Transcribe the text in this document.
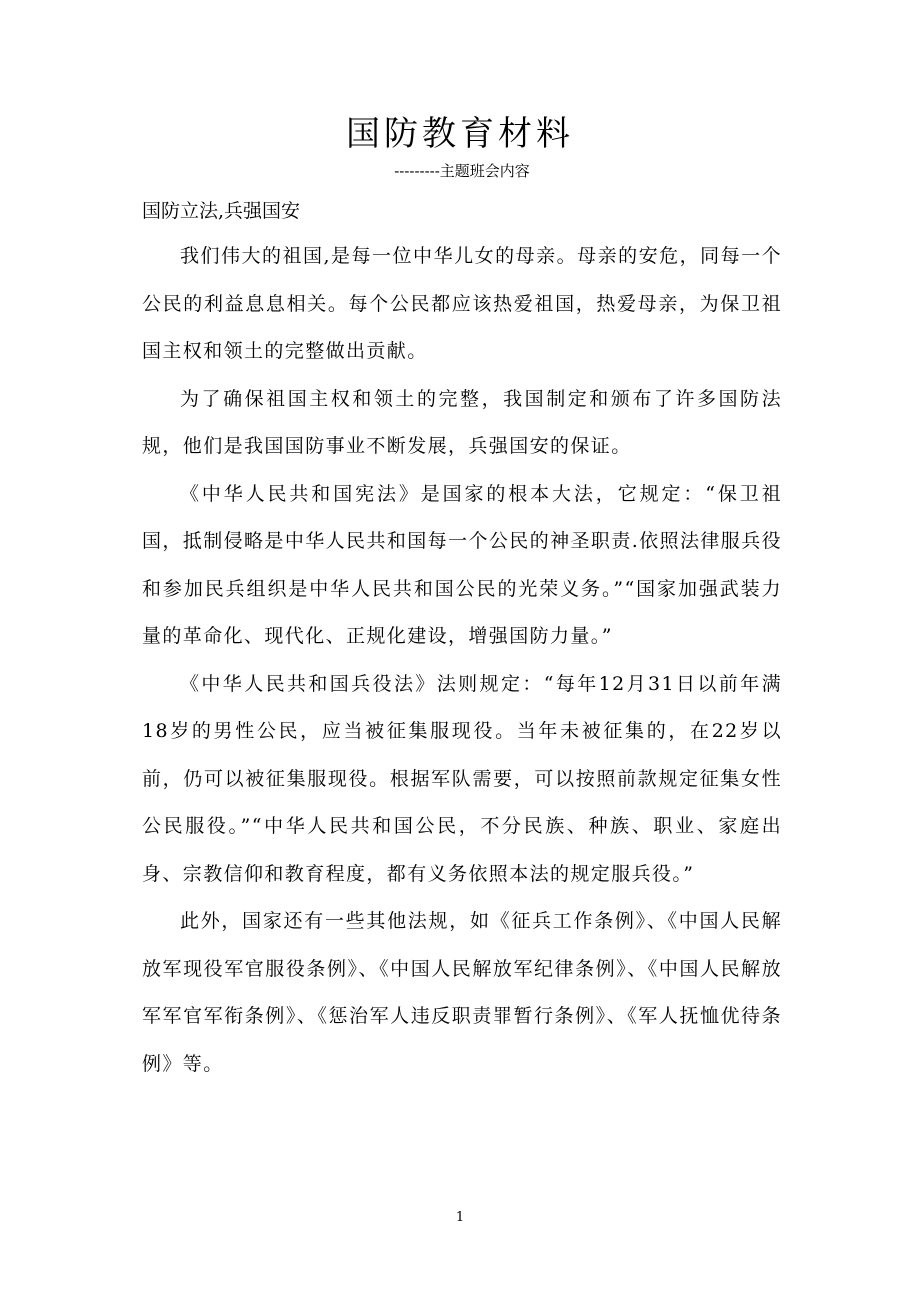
国防教育材料
---------主题班会内容
国防立法,兵强国安

我们伟大的祖国,是每一位中华儿女的母亲。母亲的安危，同每一个公民的利益息息相关。每个公民都应该热爱祖国，热爱母亲，为保卫祖国主权和领土的完整做出贡献。

为了确保祖国主权和领土的完整，我国制定和颁布了许多国防法规，他们是我国国防事业不断发展，兵强国安的保证。

《中华人民共和国宪法》是国家的根本大法，它规定：“保卫祖国，抵制侵略是中华人民共和国每一个公民的神圣职责.依照法律服兵役和参加民兵组织是中华人民共和国公民的光荣义务。”“国家加强武装力量的革命化、现代化、正规化建设，增强国防力量。”

《中华人民共和国兵役法》法则规定：“每年12月31日以前年满18岁的男性公民，应当被征集服现役。当年未被征集的，在22岁以前，仍可以被征集服现役。根据军队需要，可以按照前款规定征集女性公民服役。”“中华人民共和国公民，不分民族、种族、职业、家庭出身、宗教信仰和教育程度，都有义务依照本法的规定服兵役。”

此外，国家还有一些其他法规，如《征兵工作条例》、《中国人民解放军现役军官服役条例》、《中国人民解放军纪律条例》、《中国人民解放军军官军衔条例》、《惩治军人违反职责罪暂行条例》、《军人抚恤优待条例》等。

1
